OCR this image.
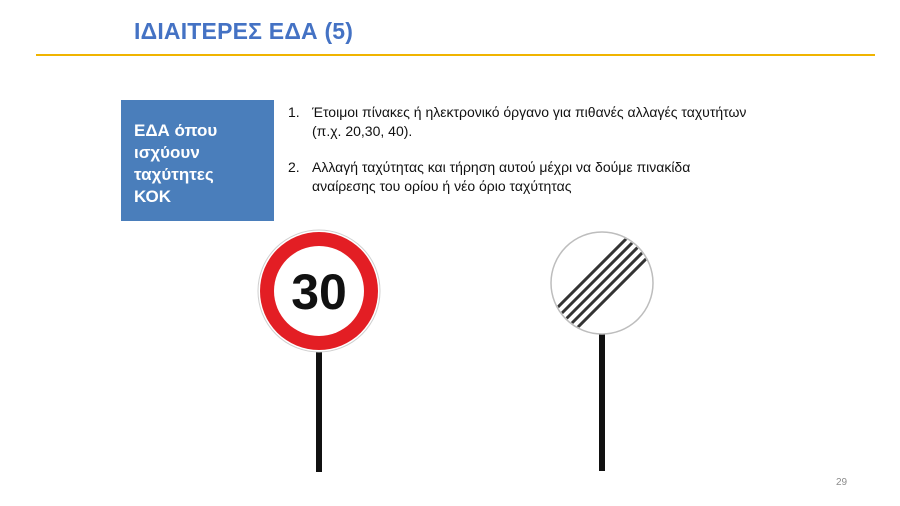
ΙΔΙΑΙΤΕΡΕΣ ΕΔΑ (5)
ΕΔΑ όπου
ισχύουν
ταχύτητες
ΚΟΚ
1. Έτοιμοι πίνακες ή ηλεκτρονικό όργανο για πιθανές αλλαγές ταχυτήτων
(π.χ. 20,30, 40).
2. Αλλαγή ταχύτητας και τήρηση αυτού μέχρι να δούμε πινακίδα
αναίρεσης του ορίου ή νέο όριο ταχύτητας
30
29
